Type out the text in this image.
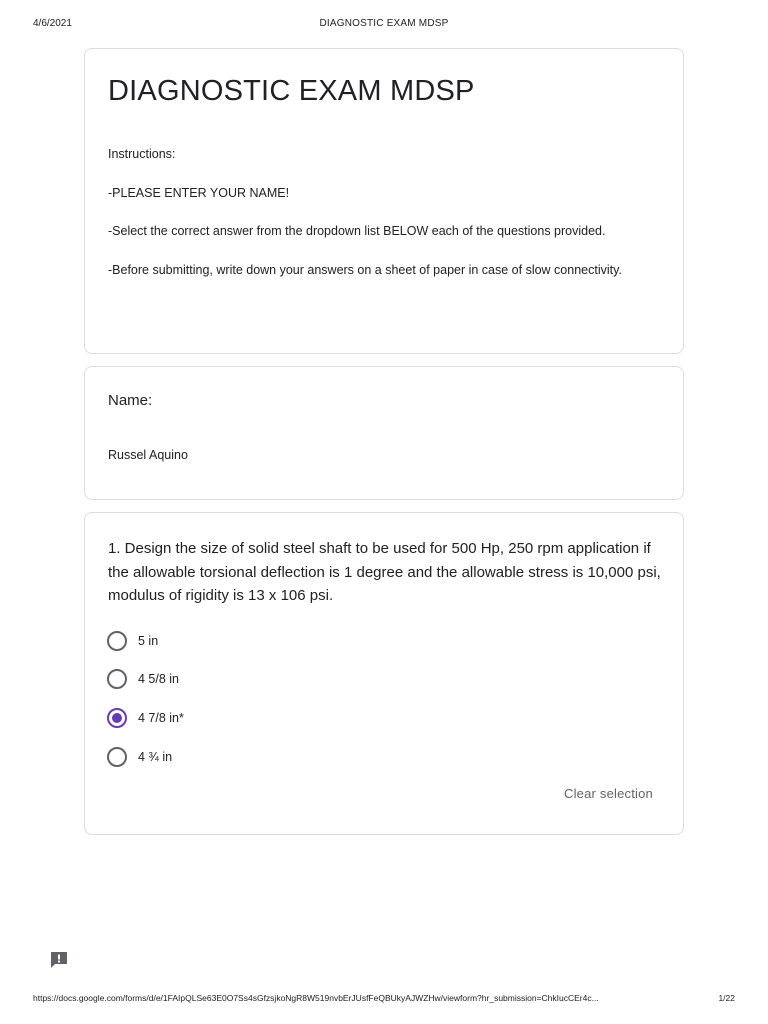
4/6/2021	DIAGNOSTIC EXAM MDSP
DIAGNOSTIC EXAM MDSP
Instructions:
-PLEASE ENTER YOUR NAME!
-Select the correct answer from the dropdown list BELOW each of the questions provided.
-Before submitting, write down your answers on a sheet of paper in case of slow connectivity.
Name:
Russel Aquino
1. Design the size of solid steel shaft to be used for 500 Hp, 250 rpm application if the allowable torsional deflection is 1 degree and the allowable stress is 10,000 psi, modulus of rigidity is 13 x 106 psi.
5 in
4 5/8 in
4 7/8 in*
4 ¾ in
Clear selection
https://docs.google.com/forms/d/e/1FAIpQLSe63E0O7Ss4sGfzsjkoNgR8W519nvbErJUsfFeQBUkyAJWZHw/viewform?hr_submission=ChkIucCEr4c...	1/22
